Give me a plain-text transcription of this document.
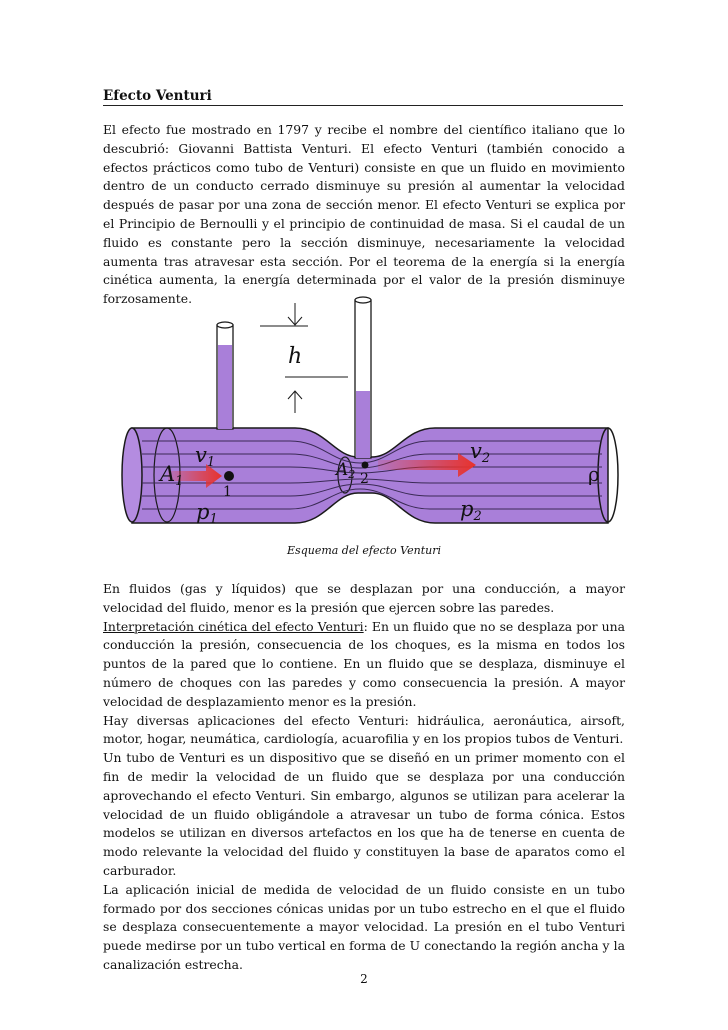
Efecto Venturi

El efecto fue mostrado en 1797 y recibe el nombre del científico italiano que lo descubrió: Giovanni Battista Venturi. El efecto Venturi (también conocido a efectos prácticos como tubo de Venturi) consiste en que un fluido en movimiento dentro de un conducto cerrado disminuye su presión al aumentar la velocidad después de pasar por una zona de sección menor. El efecto Venturi se explica por el Principio de Bernoulli y el principio de continuidad de masa. Si el caudal de un fluido es constante pero la sección disminuye, necesariamente la velocidad aumenta tras atravesar esta sección. Por el teorema de la energía si la energía cinética aumenta, la energía determinada por el valor de la presión disminuye forzosamente.

h
v1
A1
1
p1
A2 2
v2
p2
ρ
Esquema del efecto Venturi

En fluidos (gas y líquidos) que se desplazan por una conducción, a mayor velocidad del fluido, menor es la presión que ejercen sobre las paredes.

Interpretación cinética del efecto Venturi: En un fluido que no se desplaza por una conducción la presión, consecuencia de los choques, es la misma en todos los puntos de la pared que lo contiene. En un fluido que se desplaza, disminuye el número de choques con las paredes y como consecuencia la presión. A mayor velocidad de desplazamiento menor es la presión.

Hay diversas aplicaciones del efecto Venturi: hidráulica, aeronáutica, airsoft, motor, hogar, neumática, cardiología, acuarofilia y en los propios tubos de Venturi.

Un tubo de Venturi es un dispositivo que se diseñó en un primer momento con el fin de medir la velocidad de un fluido que se desplaza por una conducción aprovechando el efecto Venturi. Sin embargo, algunos se utilizan para acelerar la velocidad de un fluido obligándole a atravesar un tubo de forma cónica. Estos modelos se utilizan en diversos artefactos en los que ha de tenerse en cuenta de modo relevante la velocidad del fluido y constituyen la base de aparatos como el carburador.

La aplicación inicial de medida de velocidad de un fluido consiste en un tubo formado por dos secciones cónicas unidas por un tubo estrecho en el que el fluido se desplaza consecuentemente a mayor velocidad. La presión en el tubo Venturi puede medirse por un tubo vertical en forma de U conectando la región ancha y la canalización estrecha.

2
